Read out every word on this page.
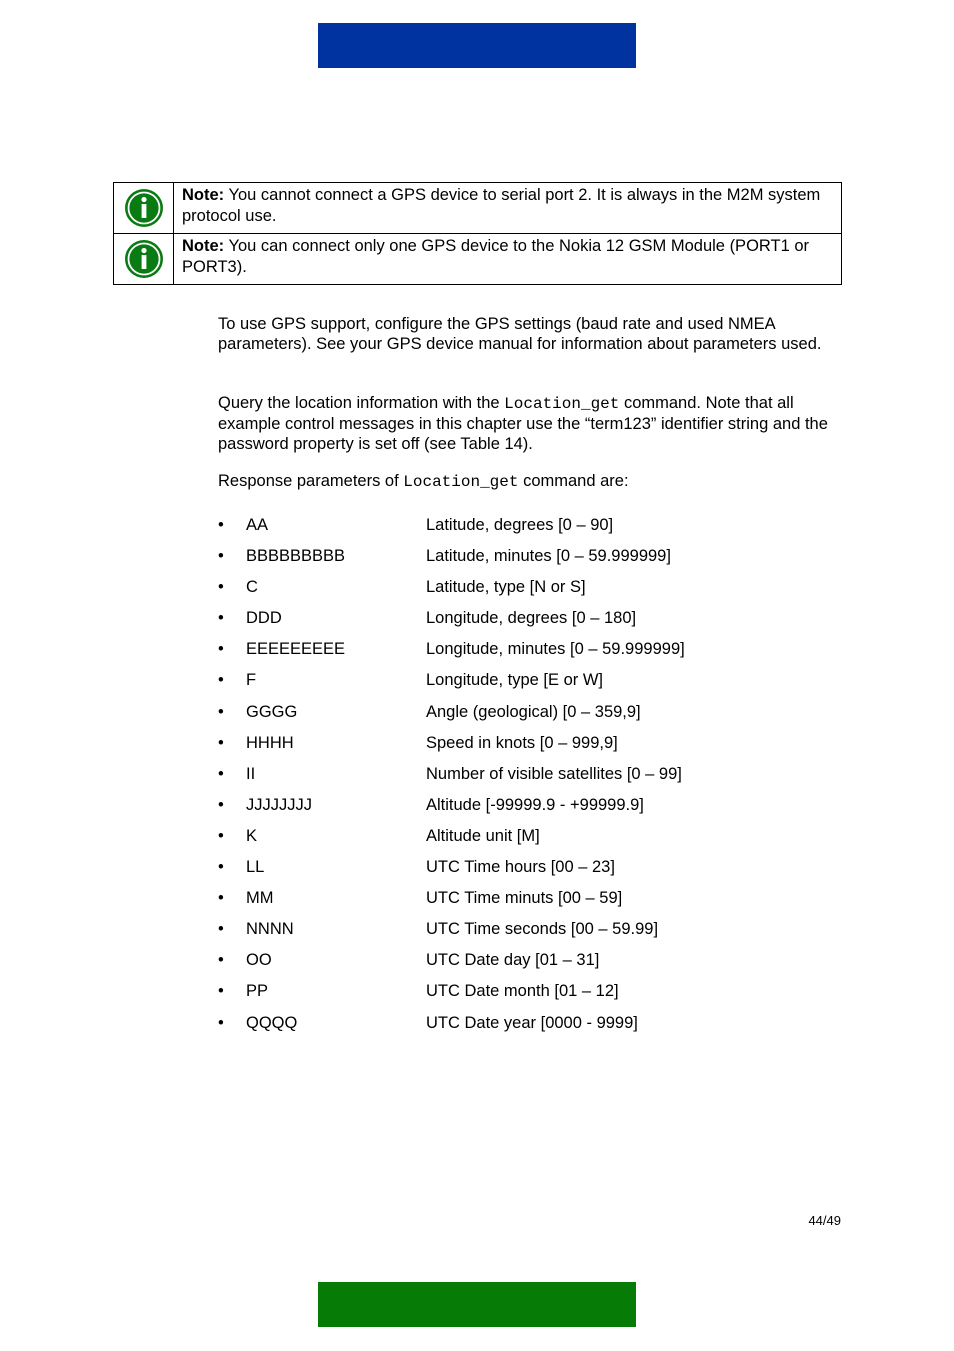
	Note: You cannot connect a GPS device to serial port 2. It is always in the M2M system protocol use.
	Note: You can connect only one GPS device to the Nokia 12 GSM Module (PORT1 or PORT3).
To use GPS support, configure the GPS settings (baud rate and used NMEA parameters). See your GPS device manual for information about parameters used.
Query the location information with the Location_get command. Note that all example control messages in this chapter use the “term123” identifier string and the password property is set off (see Table 14).
Response parameters of Location_get command are:
•	AA	Latitude, degrees [0 – 90]
•	BBBBBBBBB	Latitude, minutes [0 – 59.999999]
•	C	Latitude, type [N or S]
•	DDD	Longitude, degrees [0 – 180]
•	EEEEEEEEE	Longitude, minutes [0 – 59.999999]
•	F	Longitude, type [E or W]
•	GGGG	Angle (geological) [0 – 359,9]
•	HHHH	Speed in knots [0 – 999,9]
•	II	Number of visible satellites [0 – 99]
•	JJJJJJJJ	Altitude [-99999.9 - +99999.9]
•	K	Altitude unit [M]
•	LL	UTC Time hours [00 – 23]
•	MM	UTC Time minuts [00 – 59]
•	NNNN	UTC Time seconds [00 – 59.99]
•	OO	UTC Date day [01 – 31]
•	PP	UTC Date month [01 – 12]
•	QQQQ	UTC Date year [0000 - 9999]
44/49
